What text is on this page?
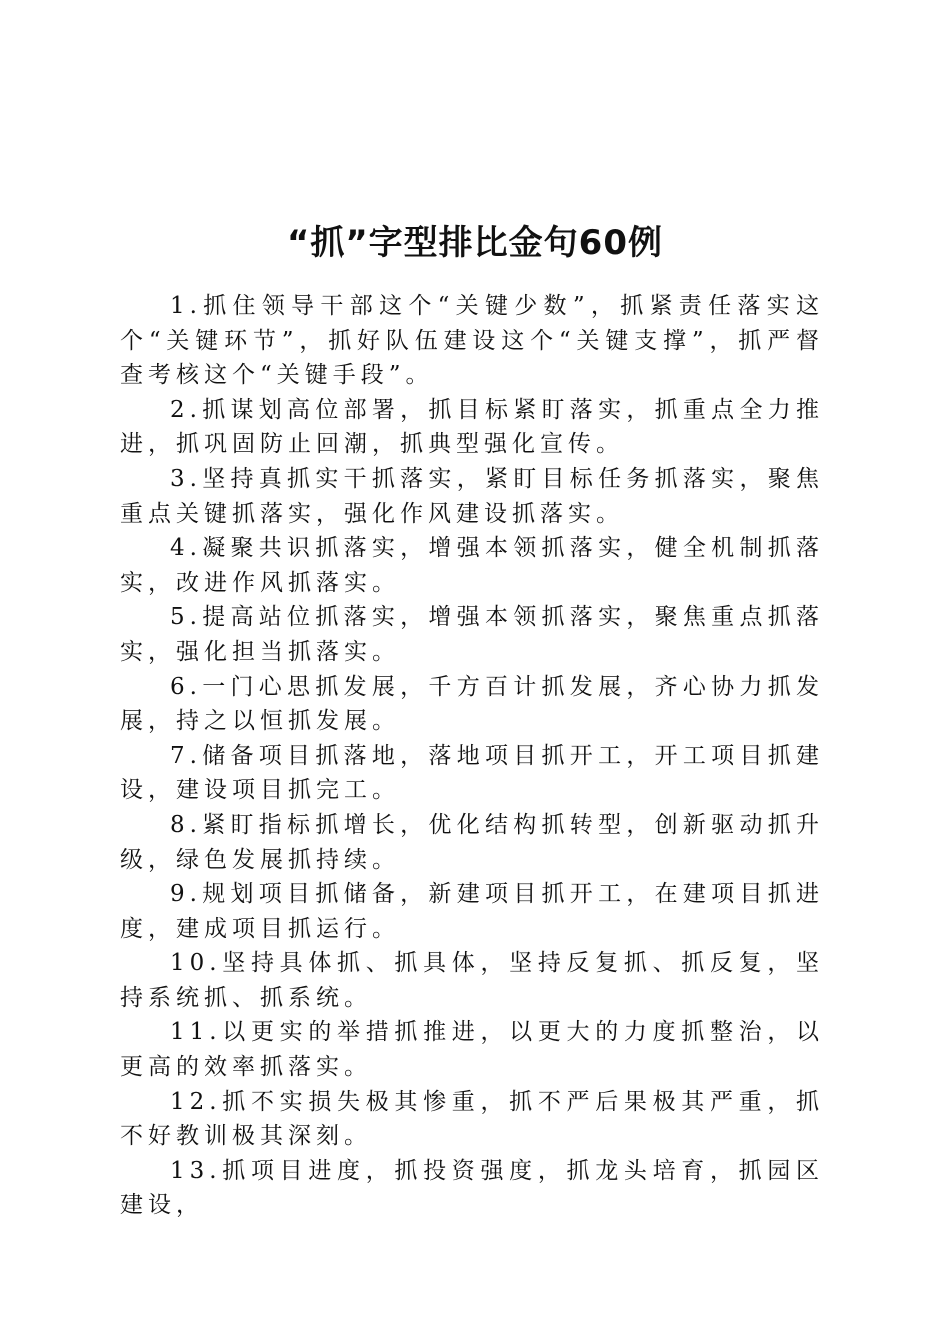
“抓”字型排比金句60例

1.抓住领导干部这个“关键少数”，抓紧责任落实这个“关键环节”，抓好队伍建设这个“关键支撑”，抓严督查考核这个“关键手段”。

2.抓谋划高位部署，抓目标紧盯落实，抓重点全力推进，抓巩固防止回潮，抓典型强化宣传。

3.坚持真抓实干抓落实，紧盯目标任务抓落实，聚焦重点关键抓落实，强化作风建设抓落实。

4.凝聚共识抓落实，增强本领抓落实，健全机制抓落实，改进作风抓落实。

5.提高站位抓落实，增强本领抓落实，聚焦重点抓落实，强化担当抓落实。

6.一门心思抓发展，千方百计抓发展，齐心协力抓发展，持之以恒抓发展。

7.储备项目抓落地，落地项目抓开工，开工项目抓建设，建设项目抓完工。

8.紧盯指标抓增长，优化结构抓转型，创新驱动抓升级，绿色发展抓持续。

9.规划项目抓储备，新建项目抓开工，在建项目抓进度，建成项目抓运行。

10.坚持具体抓、抓具体，坚持反复抓、抓反复，坚持系统抓、抓系统。

11.以更实的举措抓推进，以更大的力度抓整治，以更高的效率抓落实。

12.抓不实损失极其惨重，抓不严后果极其严重，抓不好教训极其深刻。

13.抓项目进度，抓投资强度，抓龙头培育，抓园区建设，
